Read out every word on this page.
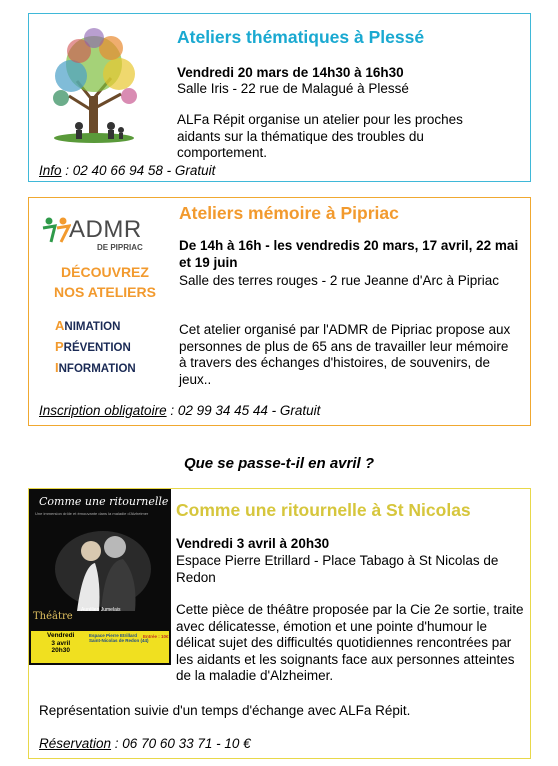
Ateliers thématiques à Plessé
Vendredi 20 mars de 14h30 à 16h30
Salle Iris - 22 rue de Malagué à Plessé
ALFa Répit organise un atelier pour les proches aidants sur la thématique des troubles du comportement.
Info : 02 40 66 94 58 - Gratuit
ADMR
DE PIPRIAC
DÉCOUVREZ
NOS ATELIERS
ANIMATION
PRÉVENTION
INFORMATION
Ateliers mémoire à Pipriac
De 14h à 16h - les vendredis 20 mars, 17 avril, 22 mai et 19 juin
Salle des terres rouges - 2 rue Jeanne d'Arc à Pipriac
Cet atelier organisé par l'ADMR de Pipriac propose aux personnes de plus de 65 ans de travailler leur mémoire à travers des échanges d'histoires, de souvenirs, de jeux..
Inscription obligatoire : 02 99 34 45 44 - Gratuit
Que se passe-t-il en avril ?
Comme une ritournelle
Une immersion drôle et émouvante dans la maladie d'Alzheimer
Théâtre
Aurélien Jumelais
Vendredi
3 avril
20h30
Espace Pierre Etrillard
Saint-Nicolas de Redon (44)
Entrée : 10€
Comme une ritournelle à St Nicolas
Vendredi 3 avril à 20h30
Espace Pierre Etrillard - Place Tabago à St Nicolas de Redon
Cette pièce de théâtre proposée par la Cie 2e sortie, traite avec délicatesse, émotion et une pointe d'humour le délicat sujet des difficultés quotidiennes rencontrées par les aidants et les soignants face aux personnes atteintes de la maladie d'Alzheimer.
Représentation suivie d'un temps d'échange avec ALFa Répit.
Réservation : 06 70 60 33 71 - 10 €
